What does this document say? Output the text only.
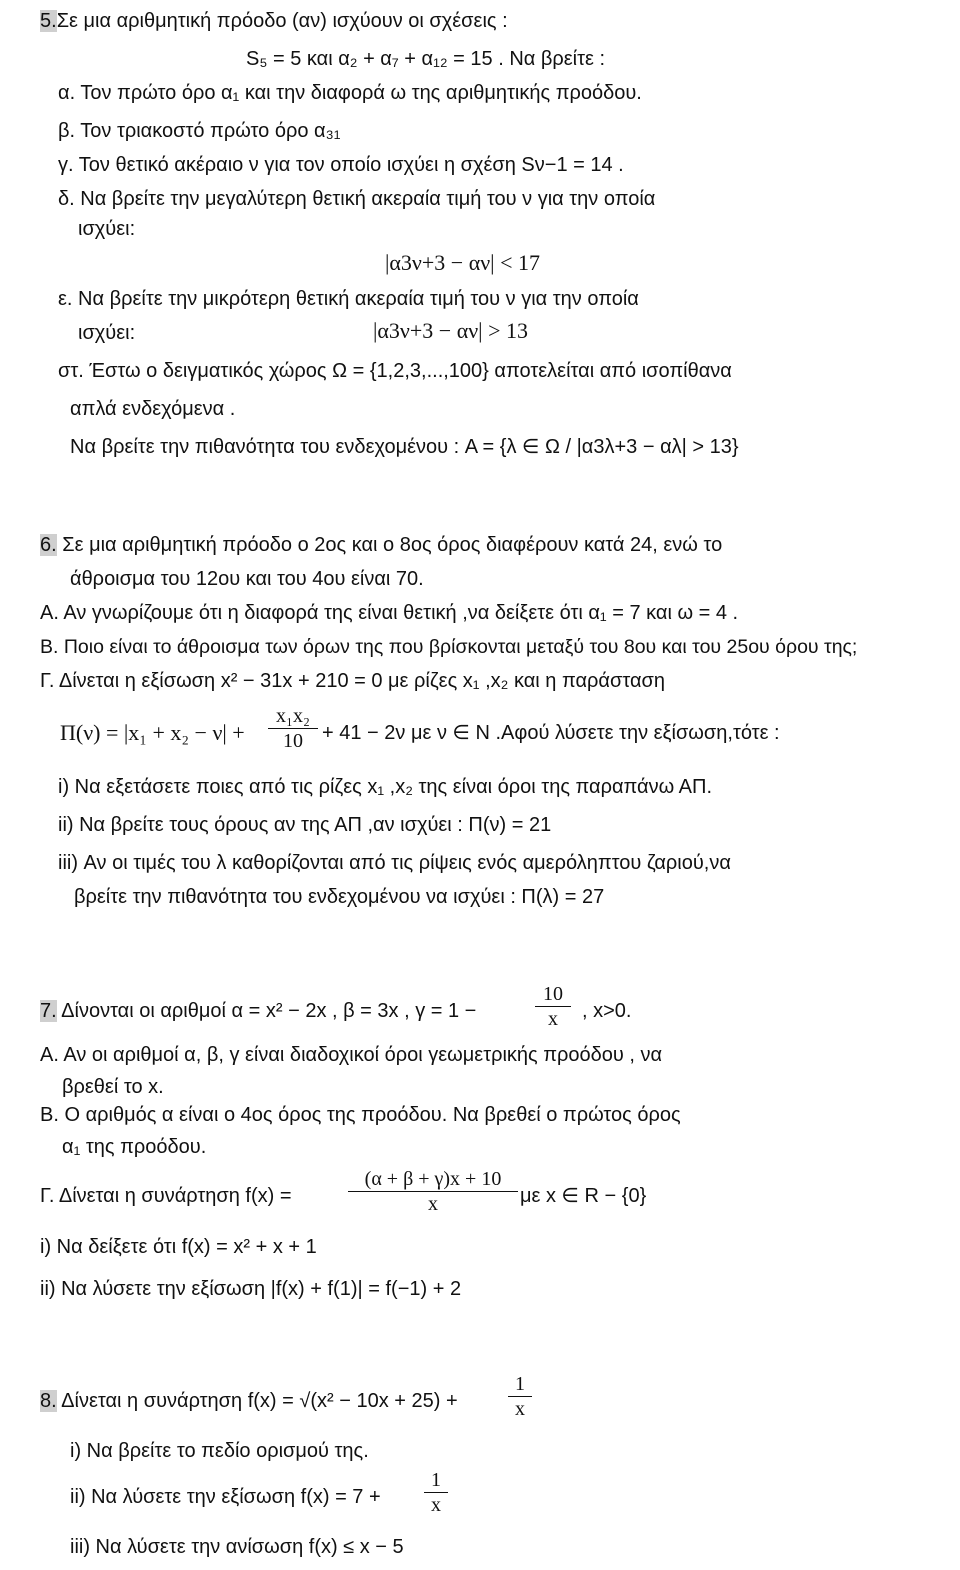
5.Σε μια αριθμητική πρόοδο (αν) ισχύουν οι σχέσεις :
S₅ = 5 και α₂ + α₇ + α₁₂ = 15 . Να βρείτε :
α. Τον πρώτο όρο α₁ και την διαφορά ω της αριθμητικής προόδου.
β. Τον τριακοστό πρώτο όρο α₃₁
γ. Τον θετικό ακέραιο ν για τον οποίο ισχύει η σχέση Sν−1 = 14 .
δ. Να βρείτε την μεγαλύτερη θετική ακεραία τιμή του ν για την οποία
ισχύει:
|α3ν+3 − αν| < 17
ε. Να βρείτε την μικρότερη θετική ακεραία τιμή του ν για την οποία
ισχύει:	|α3ν+3 − αν| > 13
στ. Έστω ο δειγματικός χώρος Ω = {1,2,3,...,100} αποτελείται από ισοπίθανα
απλά ενδεχόμενα .
Να βρείτε την πιθανότητα του ενδεχομένου : A = {λ ∈ Ω / |α3λ+3 − αλ| > 13}
6. Σε μια αριθμητική πρόοδο ο 2ος και ο 8ος όρος διαφέρουν κατά 24, ενώ το
άθροισμα του 12ου και του 4ου είναι 70.
Α. Αν γνωρίζουμε ότι η διαφορά της είναι θετική ,να δείξετε ότι α₁ = 7 και ω = 4 .
Β. Ποιο είναι το άθροισμα των όρων της που βρίσκονται μεταξύ του 8ου και του 25ου όρου της;
Γ. Δίνεται η εξίσωση x² − 31x + 210 = 0 με ρίζες x₁ ,x₂ και η παράσταση
Π(ν) = |x₁ + x₂ − ν| +
x₁x₂
10 + 41 − 2ν με ν ∈ N .Αφού λύσετε την εξίσωση,τότε :
i) Να εξετάσετε ποιες από τις ρίζες x₁ ,x₂ της είναι όροι της παραπάνω ΑΠ.
ii) Να βρείτε τους όρους αν της ΑΠ ,αν ισχύει : Π(ν) = 21
iii) Αν οι τιμές του λ καθορίζονται από τις ρίψεις ενός αμερόληπτου ζαριού,να
βρείτε την πιθανότητα του ενδεχομένου να ισχύει : Π(λ) = 27
7. Δίνονται οι αριθμοί α = x² − 2x , β = 3x , γ = 1 −
10
x	, x>0.
Α. Αν οι αριθμοί α, β, γ είναι διαδοχικοί όροι γεωμετρικής προόδου , να
βρεθεί το x.
Β. Ο αριθμός α είναι ο 4ος όρος της προόδου. Να βρεθεί ο πρώτος όρος
α₁ της προόδου.
Γ. Δίνεται η συνάρτηση f(x) =
(α + β + γ)x + 10
x	με x ∈ R − {0}
i) Να δείξετε ότι f(x) = x² + x + 1
ii) Να λύσετε την εξίσωση |f(x) + f(1)| = f(−1) + 2
8. Δίνεται η συνάρτηση f(x) = √(x² − 10x + 25) +
1
x
i) Να βρείτε το πεδίο ορισμού της.
ii) Να λύσετε την εξίσωση f(x) = 7 +
1
x
iii) Να λύσετε την ανίσωση f(x) ≤ x − 5
